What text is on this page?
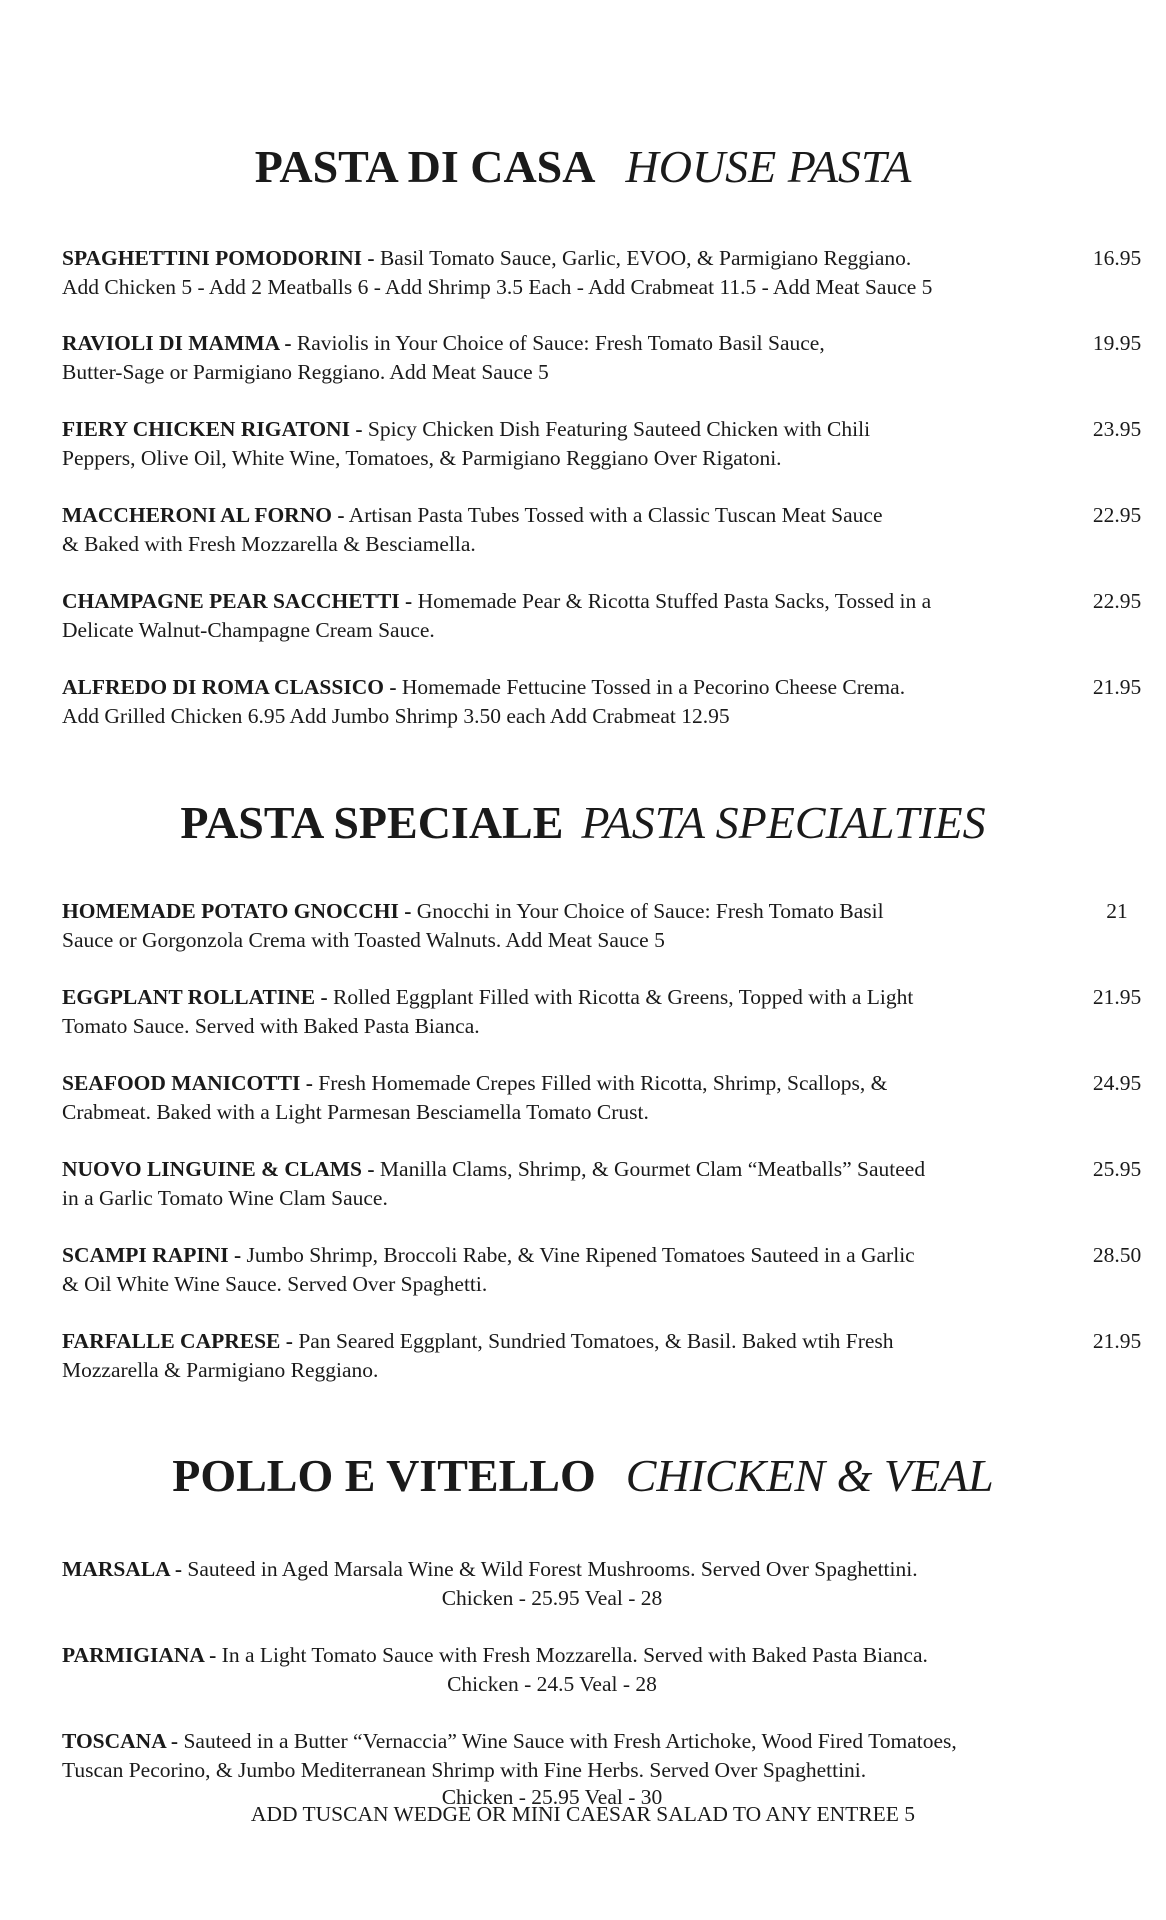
PASTA DI CASA HOUSE PASTA
SPAGHETTINI POMODORINI - Basil Tomato Sauce, Garlic, EVOO, & Parmigiano Reggiano.
Add Chicken 5 - Add 2 Meatballs 6 - Add Shrimp 3.5 Each - Add Crabmeat 11.5 - Add Meat Sauce 5
16.95
RAVIOLI DI MAMMA - Raviolis in Your Choice of Sauce: Fresh Tomato Basil Sauce,
Butter-Sage or Parmigiano Reggiano. Add Meat Sauce 5
19.95
FIERY CHICKEN RIGATONI - Spicy Chicken Dish Featuring Sauteed Chicken with Chili
Peppers, Olive Oil, White Wine, Tomatoes, & Parmigiano Reggiano Over Rigatoni.
23.95
MACCHERONI AL FORNO - Artisan Pasta Tubes Tossed with a Classic Tuscan Meat Sauce
& Baked with Fresh Mozzarella & Besciamella.
22.95
CHAMPAGNE PEAR SACCHETTI - Homemade Pear & Ricotta Stuffed Pasta Sacks, Tossed in a
Delicate Walnut-Champagne Cream Sauce.
22.95
ALFREDO DI ROMA CLASSICO - Homemade Fettucine Tossed in a Pecorino Cheese Crema.
Add Grilled Chicken 6.95 Add Jumbo Shrimp 3.50 each Add Crabmeat 12.95
21.95
PASTA SPECIALE PASTA SPECIALTIES
HOMEMADE POTATO GNOCCHI - Gnocchi in Your Choice of Sauce: Fresh Tomato Basil
Sauce or Gorgonzola Crema with Toasted Walnuts. Add Meat Sauce 5
21
EGGPLANT ROLLATINE - Rolled Eggplant Filled with Ricotta & Greens, Topped with a Light
Tomato Sauce. Served with Baked Pasta Bianca.
21.95
SEAFOOD MANICOTTI - Fresh Homemade Crepes Filled with Ricotta, Shrimp, Scallops, &
Crabmeat. Baked with a Light Parmesan Besciamella Tomato Crust.
24.95
NUOVO LINGUINE & CLAMS - Manilla Clams, Shrimp, & Gourmet Clam “Meatballs” Sauteed
in a Garlic Tomato Wine Clam Sauce.
25.95
SCAMPI RAPINI - Jumbo Shrimp, Broccoli Rabe, & Vine Ripened Tomatoes Sauteed in a Garlic
& Oil White Wine Sauce. Served Over Spaghetti.
28.50
FARFALLE CAPRESE - Pan Seared Eggplant, Sundried Tomatoes, & Basil. Baked wtih Fresh
Mozzarella & Parmigiano Reggiano.
21.95
POLLO E VITELLO CHICKEN & VEAL
MARSALA - Sauteed in Aged Marsala Wine & Wild Forest Mushrooms. Served Over Spaghettini.
Chicken - 25.95 Veal - 28
PARMIGIANA - In a Light Tomato Sauce with Fresh Mozzarella. Served with Baked Pasta Bianca.
Chicken - 24.5 Veal - 28
TOSCANA - Sauteed in a Butter “Vernaccia” Wine Sauce with Fresh Artichoke, Wood Fired Tomatoes,
Tuscan Pecorino, & Jumbo Mediterranean Shrimp with Fine Herbs. Served Over Spaghettini.
Chicken - 25.95 Veal - 30
ADD TUSCAN WEDGE OR MINI CAESAR SALAD TO ANY ENTREE 5
